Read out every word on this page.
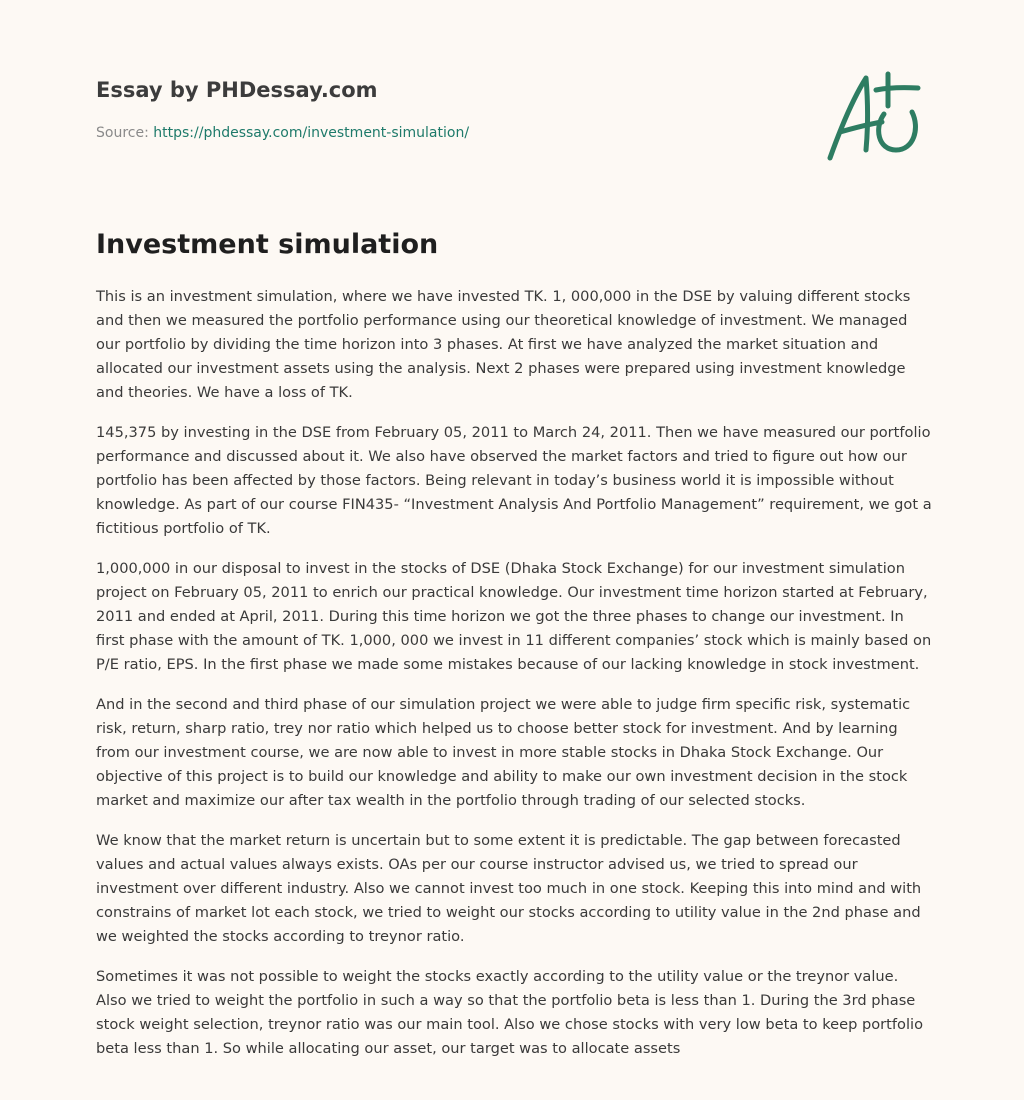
Essay by PHDessay.com
Source: https://phdessay.com/investment-simulation/
Investment simulation

This is an investment simulation, where we have invested TK. 1, 000,000 in the DSE by valuing different stocks and then we measured the portfolio performance using our theoretical knowledge of investment. We managed our portfolio by dividing the time horizon into 3 phases. At first we have analyzed the market situation and allocated our investment assets using the analysis. Next 2 phases were prepared using investment knowledge and theories. We have a loss of TK.

145,375 by investing in the DSE from February 05, 2011 to March 24, 2011. Then we have measured our portfolio performance and discussed about it. We also have observed the market factors and tried to figure out how our portfolio has been affected by those factors. Being relevant in today’s business world it is impossible without knowledge. As part of our course FIN435- “Investment Analysis And Portfolio Management” requirement, we got a fictitious portfolio of TK.

1,000,000 in our disposal to invest in the stocks of DSE (Dhaka Stock Exchange) for our investment simulation project on February 05, 2011 to enrich our practical knowledge. Our investment time horizon started at February, 2011 and ended at April, 2011. During this time horizon we got the three phases to change our investment. In first phase with the amount of TK. 1,000, 000 we invest in 11 different companies’ stock which is mainly based on P/E ratio, EPS. In the first phase we made some mistakes because of our lacking knowledge in stock investment.

And in the second and third phase of our simulation project we were able to judge firm specific risk, systematic risk, return, sharp ratio, trey nor ratio which helped us to choose better stock for investment. And by learning from our investment course, we are now able to invest in more stable stocks in Dhaka Stock Exchange. Our objective of this project is to build our knowledge and ability to make our own investment decision in the stock market and maximize our after tax wealth in the portfolio through trading of our selected stocks.

We know that the market return is uncertain but to some extent it is predictable. The gap between forecasted values and actual values always exists. OAs per our course instructor advised us, we tried to spread our investment over different industry. Also we cannot invest too much in one stock. Keeping this into mind and with constrains of market lot each stock, we tried to weight our stocks according to utility value in the 2nd phase and we weighted the stocks according to treynor ratio.

Sometimes it was not possible to weight the stocks exactly according to the utility value or the treynor value. Also we tried to weight the portfolio in such a way so that the portfolio beta is less than 1. During the 3rd phase stock weight selection, treynor ratio was our main tool. Also we chose stocks with very low beta to keep portfolio beta less than 1. So while allocating our asset, our target was to allocate assets
